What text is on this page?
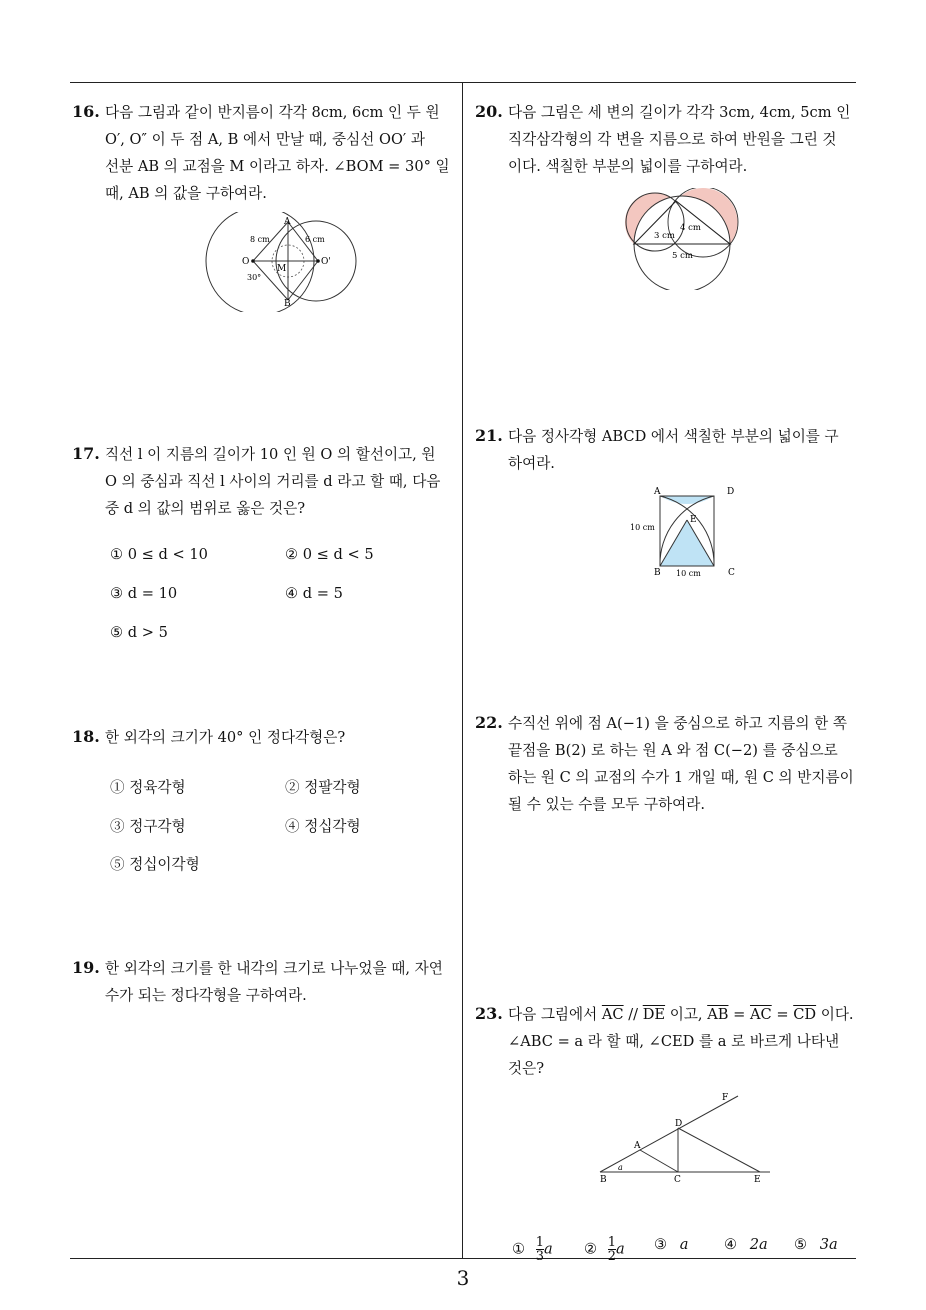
16. 다음 그림과 같이 반지름이 각각 8cm, 6cm 인 두 원
O′, O″ 이 두 점 A, B 에서 만날 때, 중심선 OO′ 과
선분 AB 의 교점을 M 이라고 하자. ∠BOM = 30° 일
때, AB 의 값을 구하여라.
A
B
O	O'
M
8 cm	6 cm
30°
17. 직선 l 이 지름의 길이가 10 인 원 O 의 할선이고, 원
O 의 중심과 직선 l 사이의 거리를 d 라고 할 때, 다음
중 d 의 값의 범위로 옳은 것은?
① 0 ≤ d < 10	② 0 ≤ d < 5
③ d = 10	④ d = 5
⑤ d > 5
18. 한 외각의 크기가 40° 인 정다각형은?
① 정육각형	② 정팔각형
③ 정구각형	④ 정십각형
⑤ 정십이각형
19. 한 외각의 크기를 한 내각의 크기로 나누었을 때, 자연
수가 되는 정다각형을 구하여라.
20. 다음 그림은 세 변의 길이가 각각 3cm, 4cm, 5cm 인
직각삼각형의 각 변을 지름으로 하여 반원을 그린 것
이다. 색칠한 부분의 넓이를 구하여라.
3 cm
4 cm
5 cm
21. 다음 정사각형 ABCD 에서 색칠한 부분의 넓이를 구
하여라.
A	D
B	C
E
10 cm
10 cm
22. 수직선 위에 점 A(−1) 을 중심으로 하고 지름의 한 쪽
끝점을 B(2) 로 하는 원 A 와 점 C(−2) 를 중심으로
하는 원 C 의 교점의 수가 1 개일 때, 원 C 의 반지름이
될 수 있는 수를 모두 구하여라.
23. 다음 그림에서 $\overline{AC} // \overline{DE}$ 이고, $\overline{AB} = \overline{AC} = \overline{CD}$ 이다.
∠ABC = a 라 할 때, ∠CED 를 a 로 바르게 나타낸
것은?
B	C	E
A
D
F
a
① $\frac{1}{3}$ a ② $\frac{1}{2}$ a ③ a ④ 2a ⑤ 3a
3
